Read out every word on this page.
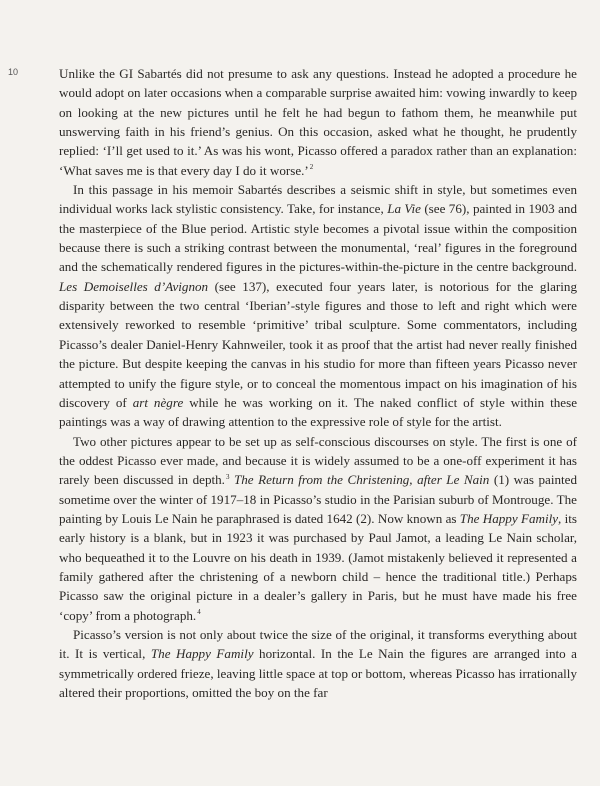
10	Unlike the GI Sabartés did not presume to ask any questions. Instead he adopted a procedure he would adopt on later occasions when a comparable surprise awaited him: vowing inwardly to keep on looking at the new pictures until he felt he had begun to fathom them, he meanwhile put unswerving faith in his friend’s genius. On this occasion, asked what he thought, he prudently replied: ‘I’ll get used to it.’ As was his wont, Picasso offered a paradox rather than an explanation: ‘What saves me is that every day I do it worse.’$^2$

In this passage in his memoir Sabartés describes a seismic shift in style, but sometimes even individual works lack stylistic consistency. Take, for instance, La Vie (see 76), painted in 1903 and the masterpiece of the Blue period. Artistic style becomes a pivotal issue within the composition because there is such a striking contrast between the monumental, ‘real’ figures in the foreground and the schematically rendered figures in the pictures-within-the-picture in the centre background. Les Demoiselles d’Avignon (see 137), executed four years later, is notorious for the glaring disparity between the two central ‘Iberian’-style figures and those to left and right which were extensively reworked to resemble ‘primitive’ tribal sculpture. Some commentators, including Picasso’s dealer Daniel-Henry Kahnweiler, took it as proof that the artist had never really finished the picture. But despite keeping the canvas in his studio for more than fifteen years Picasso never attempted to unify the figure style, or to conceal the momentous impact on his imagination of his discovery of art nègre while he was working on it. The naked conflict of style within these paintings was a way of drawing attention to the expressive role of style for the artist.

Two other pictures appear to be set up as self-conscious discourses on style. The first is one of the oddest Picasso ever made, and because it is widely assumed to be a one-off experiment it has rarely been discussed in depth.$^3$ The Return from the Christening, after Le Nain (1) was painted sometime over the winter of 1917–18 in Picasso’s studio in the Parisian suburb of Montrouge. The painting by Louis Le Nain he paraphrased is dated 1642 (2). Now known as The Happy Family, its early history is a blank, but in 1923 it was purchased by Paul Jamot, a leading Le Nain scholar, who bequeathed it to the Louvre on his death in 1939. (Jamot mistakenly believed it represented a family gathered after the christening of a newborn child – hence the traditional title.) Perhaps Picasso saw the original picture in a dealer’s gallery in Paris, but he must have made his free ‘copy’ from a photograph.$^4$

Picasso’s version is not only about twice the size of the original, it transforms everything about it. It is vertical, The Happy Family horizontal. In the Le Nain the figures are arranged into a symmetrically ordered frieze, leaving little space at top or bottom, whereas Picasso has irrationally altered their proportions, omitted the boy on the far
